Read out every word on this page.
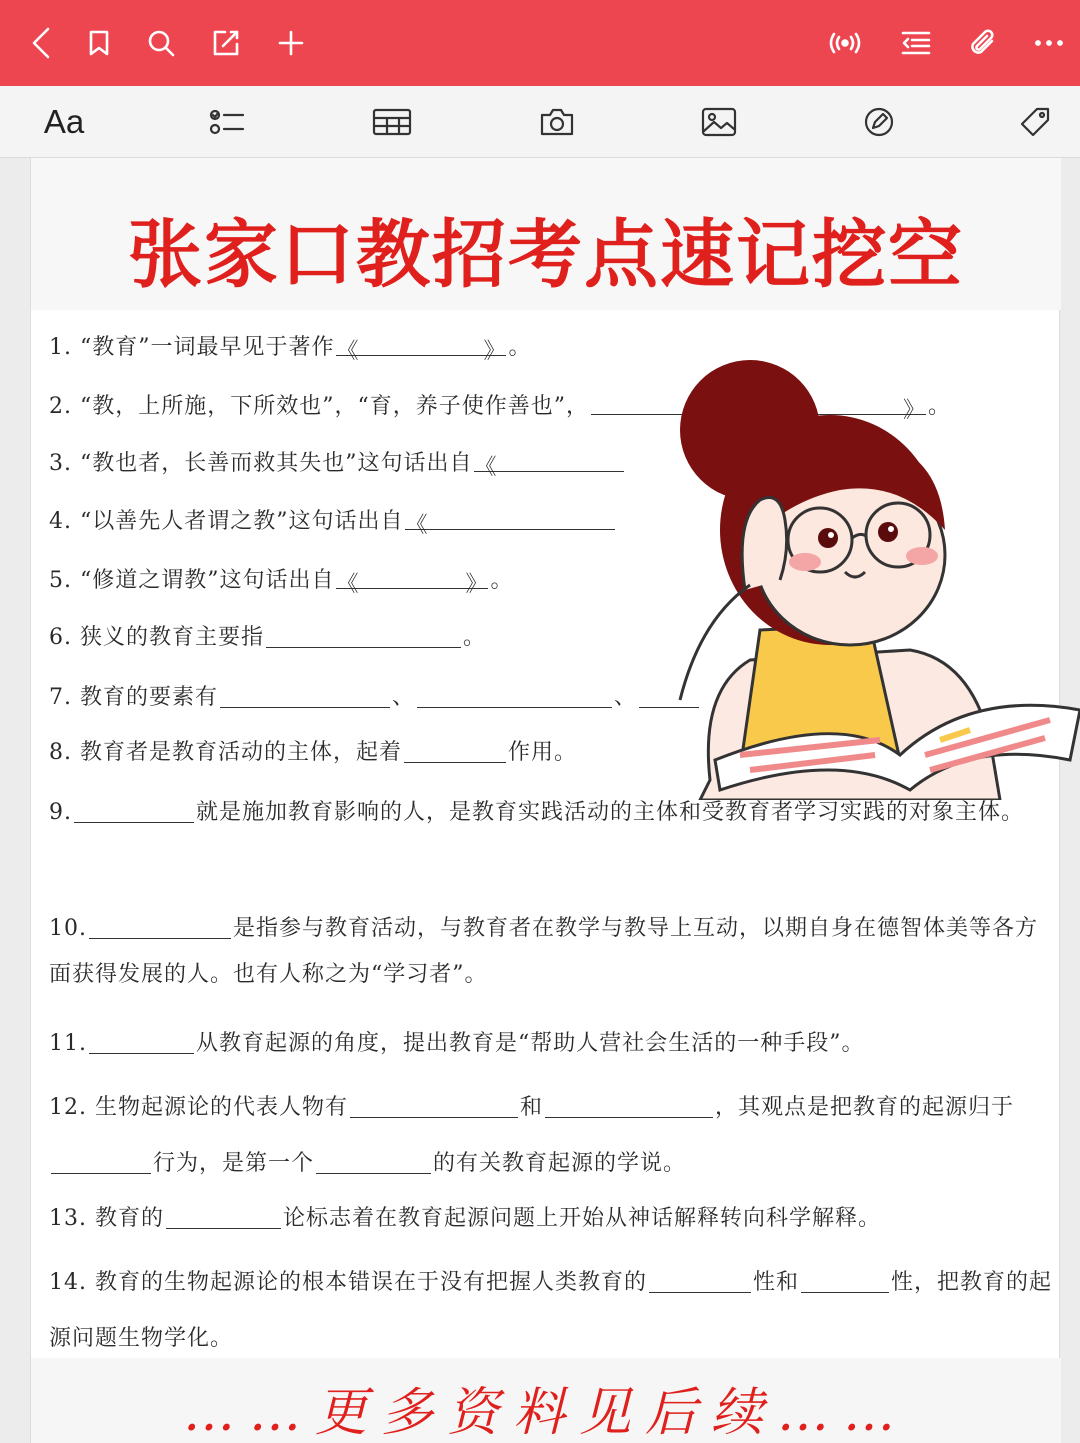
Aa
张家口教招考点速记挖空
1. “教育”一词最早见于著作《	》 。
2. “教，上所施，下所效也”，“育，养子使作善也”，	》。
3. “教也者，长善而救其失也”这句话出自《
4. “以善先人者谓之教”这句话出自《
5. “修道之谓教”这句话出自《	》 。
6. 狭义的教育主要指	。
7. 教育的要素有	、	、
8. 教育者是教育活动的主体，起着	作用。
9.	就是施加教育影响的人，是教育实践活动的主体和受教育者学习实践的对象主体。
10.	是指参与教育活动，与教育者在教学与教导上互动，以期自身在德智体美等各方面获得发展的人。也有人称之为“学习者”。
11.	从教育起源的角度，提出教育是“帮助人营社会生活的一种手段”。
12. 生物起源论的代表人物有	和	，其观点是把教育的起源归于行为，是第一个	的有关教育起源的学说。
13. 教育的	论标志着在教育起源问题上开始从神话解释转向科学解释。
14. 教育的生物起源论的根本错误在于没有把握人类教育的	性和	性，把教育的起源问题生物学化。
……更多资料见后续……
